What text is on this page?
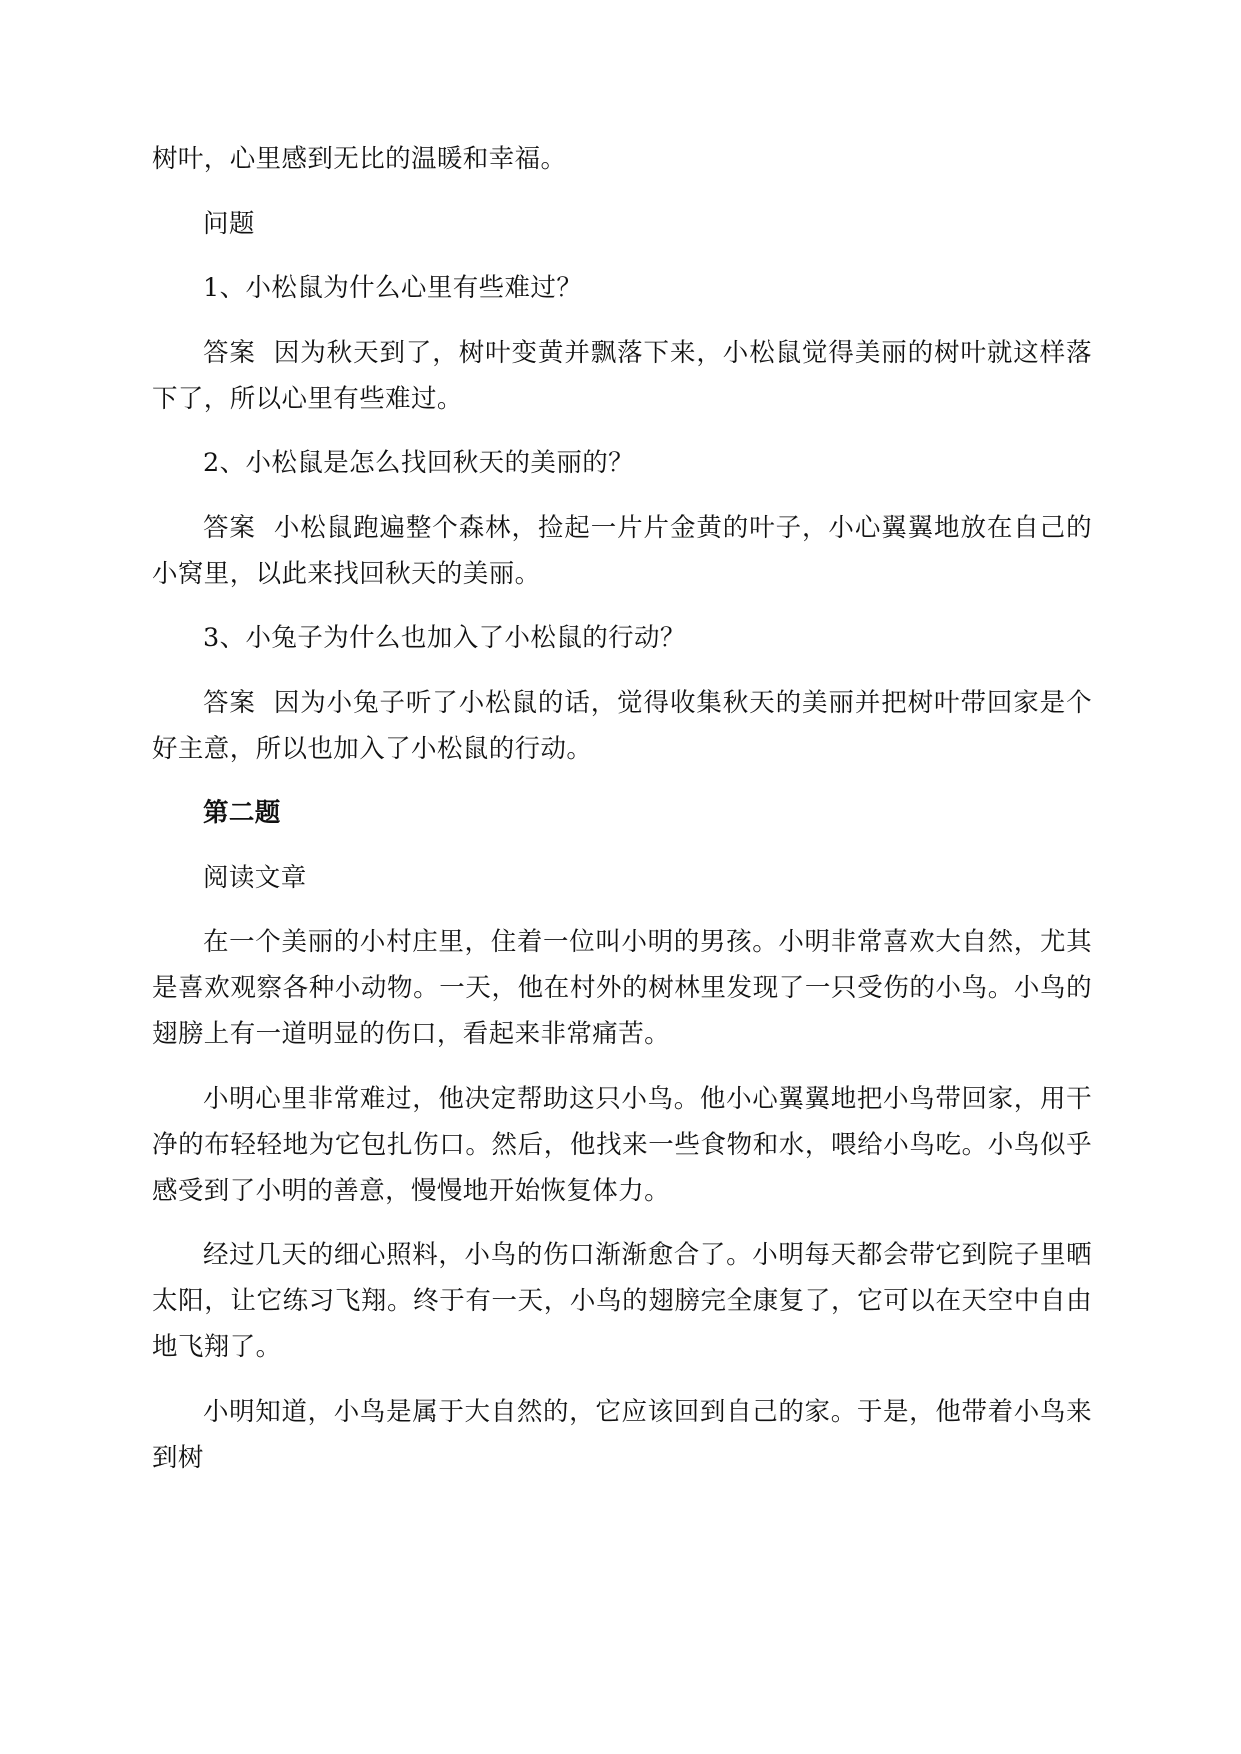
树叶，心里感到无比的温暖和幸福。

问题

1、小松鼠为什么心里有些难过？

答案  因为秋天到了，树叶变黄并飘落下来，小松鼠觉得美丽的树叶就这样落下了，所以心里有些难过。

2、小松鼠是怎么找回秋天的美丽的？

答案  小松鼠跑遍整个森林，捡起一片片金黄的叶子，小心翼翼地放在自己的小窝里，以此来找回秋天的美丽。

3、小兔子为什么也加入了小松鼠的行动？

答案  因为小兔子听了小松鼠的话，觉得收集秋天的美丽并把树叶带回家是个好主意，所以也加入了小松鼠的行动。

第二题

阅读文章

在一个美丽的小村庄里，住着一位叫小明的男孩。小明非常喜欢大自然，尤其是喜欢观察各种小动物。一天，他在村外的树林里发现了一只受伤的小鸟。小鸟的翅膀上有一道明显的伤口，看起来非常痛苦。

小明心里非常难过，他决定帮助这只小鸟。他小心翼翼地把小鸟带回家，用干净的布轻轻地为它包扎伤口。然后，他找来一些食物和水，喂给小鸟吃。小鸟似乎感受到了小明的善意，慢慢地开始恢复体力。

经过几天的细心照料，小鸟的伤口渐渐愈合了。小明每天都会带它到院子里晒太阳，让它练习飞翔。终于有一天，小鸟的翅膀完全康复了，它可以在天空中自由地飞翔了。

小明知道，小鸟是属于大自然的，它应该回到自己的家。于是，他带着小鸟来到树
